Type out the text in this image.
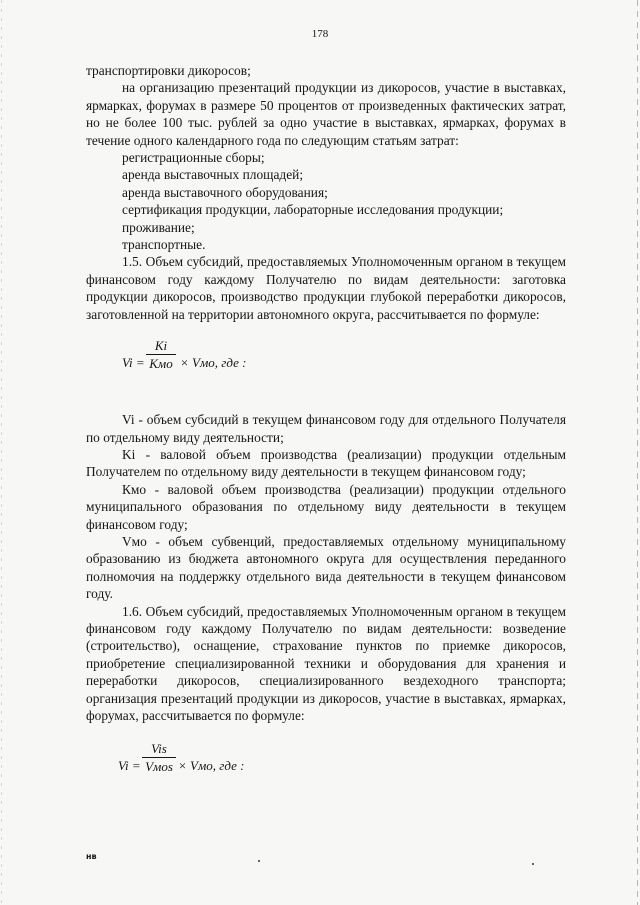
178

транспортировки дикоросов;

на организацию презентаций продукции из дикоросов, участие в выставках, ярмарках, форумах в размере 50 процентов от произведенных фактических затрат, но не более 100 тыс. рублей за одно участие в выставках, ярмарках, форумах в течение одного календарного года по следующим статьям затрат:

регистрационные сборы;

аренда выставочных площадей;

аренда выставочного оборудования;

сертификация продукции, лабораторные исследования продукции;

проживание;

транспортные.

1.5. Объем субсидий, предоставляемых Уполномоченным органом в текущем финансовом году каждому Получателю по видам деятельности: заготовка продукции дикоросов, производство продукции глубокой переработки дикоросов, заготовленной на территории автономного округа, рассчитывается по формуле:

Vi =
Ki
Kмо × Vмо, где :

Vi - объем субсидий в текущем финансовом году для отдельного Получателя по отдельному виду деятельности;

Ki - валовой объем производства (реализации) продукции отдельным Получателем по отдельному виду деятельности в текущем финансовом году;

Кмо - валовой объем производства (реализации) продукции отдельного муниципального образования по отдельному виду деятельности в текущем финансовом году;

Vмо - объем субвенций, предоставляемых отдельному муниципальному образованию из бюджета автономного округа для осуществления переданного полномочия на поддержку отдельного вида деятельности в текущем финансовом году.

1.6. Объем субсидий, предоставляемых Уполномоченным органом в текущем финансовом году каждому Получателю по видам деятельности: возведение (строительство), оснащение, страхование пунктов по приемке дикоросов, приобретение специализированной техники и оборудования для хранения и переработки дикоросов, специализированного вездеходного транспорта; организация презентаций продукции из дикоросов, участие в выставках, ярмарках, форумах, рассчитывается по формуле:

Vi =
Vis
Vмоs × Vмо, где :
нв
